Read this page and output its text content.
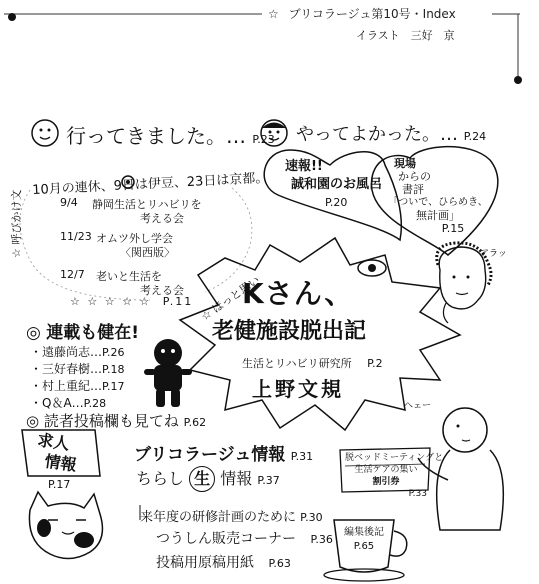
☆ ブリコラージュ第10号・Index
イラスト　三好　京
行ってきました。… P.23 やってよかった。… P.24
10月の連休、9日は伊豆、23日は京都。
9/4 静岡生活とリハビリを
考える会
11/23 オムツ外し学会
〈関西版〉
12/7 老いと生活を
考える会
☆ 呼びかけ文
☆ ほっと思い
☆ ☆ ☆ ☆ ☆ P.11
速報!!
誠和園のお風呂
P.20
現場
からの
書評
「ついで、ひらめき、
無計画」
P.15
アラッ
Kさん、
老健施設脱出記
生活とリハビリ研究所 P.2
上野文規
◎ 連載も健在!
・遠藤尚志…P.26
・三好春樹…P.18
・村上重紀…P.17
・Q＆A…P.28
◎ 読者投稿欄も見てね P.62
求人
情報
P.17
ブリコラージュ情報 P.31
ちらし 生 情報 P.37
来年度の研修計画のために P.30
つうしん販売コーナー P.36
投稿用原稿用紙 P.63
脱ベッドミーティングと
生活ケアの集い
割引券
P.33
編集後記
P.65
ヘェー
